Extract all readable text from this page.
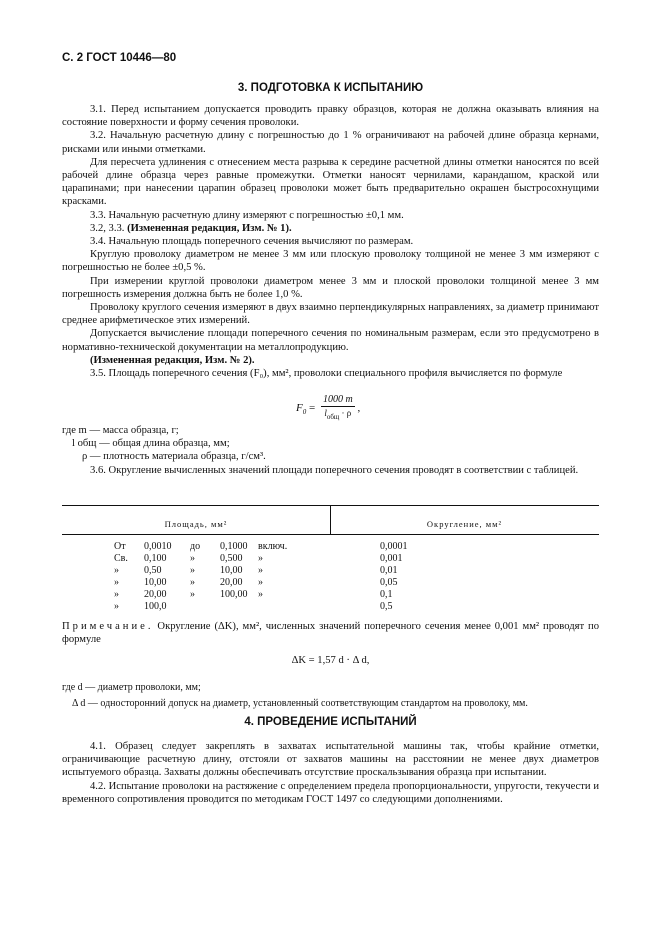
С. 2 ГОСТ 10446—80
3. ПОДГОТОВКА К ИСПЫТАНИЮ

3.1. Перед испытанием допускается проводить правку образцов, которая не должна оказывать влияния на состояние поверхности и форму сечения проволоки.

3.2. Начальную расчетную длину с погрешностью до 1 % ограничивают на рабочей длине образца кернами, рисками или иными отметками.

Для пересчета удлинения с отнесением места разрыва к середине расчетной длины отметки наносятся по всей рабочей длине образца через равные промежутки. Отметки наносят чернилами, карандашом, краской или царапинами; при нанесении царапин образец проволоки может быть предварительно окрашен быстросохнущими красками.

3.3. Начальную расчетную длину измеряют с погрешностью ±0,1 мм.

3.2, 3.3. (Измененная редакция, Изм. № 1).

3.4. Начальную площадь поперечного сечения вычисляют по размерам.

Круглую проволоку диаметром не менее 3 мм или плоскую проволоку толщиной не менее 3 мм измеряют с погрешностью не более ±0,5 %.

При измерении круглой проволоки диаметром менее 3 мм и плоской проволоки толщиной менее 3 мм погрешность измерения должна быть не более 1,0 %.

Проволоку круглого сечения измеряют в двух взаимно перпендикулярных направлениях, за диаметр принимают среднее арифметическое этих измерений.

Допускается вычисление площади поперечного сечения по номинальным размерам, если это предусмотрено в нормативно-технической документации на металлопродукцию.

(Измененная редакция, Изм. № 2).

3.5. Площадь поперечного сечения (F₀), мм², проволоки специального профиля вычисляется по формуле

$F_0 = \frac{1000 m}{l_{общ} \cdot \rho}$ ,
где m — масса образца, г;
l общ — общая длина образца, мм;
ρ — плотность материала образца, г/см³.

3.6. Округление вычисленных значений площади поперечного сечения проводят в соответствии с таблицей.

Площадь, мм²	Округление, мм²
От 0,0010 до 0,1000 включ.	0,0001
Св. 0,100 »	0,500 »	0,001
»	0,50	»	10,00 »	0,01
»	10,00 »	20,00 »	0,05
»	20,00 »	100,00 »	0,1
»	100,0	0,5

Примечание. Округление (ΔK), мм², численных значений поперечного сечения менее 0,001 мм² проводят по формуле

ΔK = 1,57 d · Δ d,
где d — диаметр проволоки, мм;
Δ d — односторонний допуск на диаметр, установленный соответствующим стандартом на проволоку, мм.
4. ПРОВЕДЕНИЕ ИСПЫТАНИЙ

4.1. Образец следует закреплять в захватах испытательной машины так, чтобы крайние отметки, ограничивающие расчетную длину, отстояли от захватов машины на расстоянии не менее двух диаметров испытуемого образца. Захваты должны обеспечивать отсутствие проскальзывания образца при испытании.

4.2. Испытание проволоки на растяжение с определением предела пропорциональности, упругости, текучести и временного сопротивления проводится по методикам ГОСТ 1497 со следующими дополнениями.
